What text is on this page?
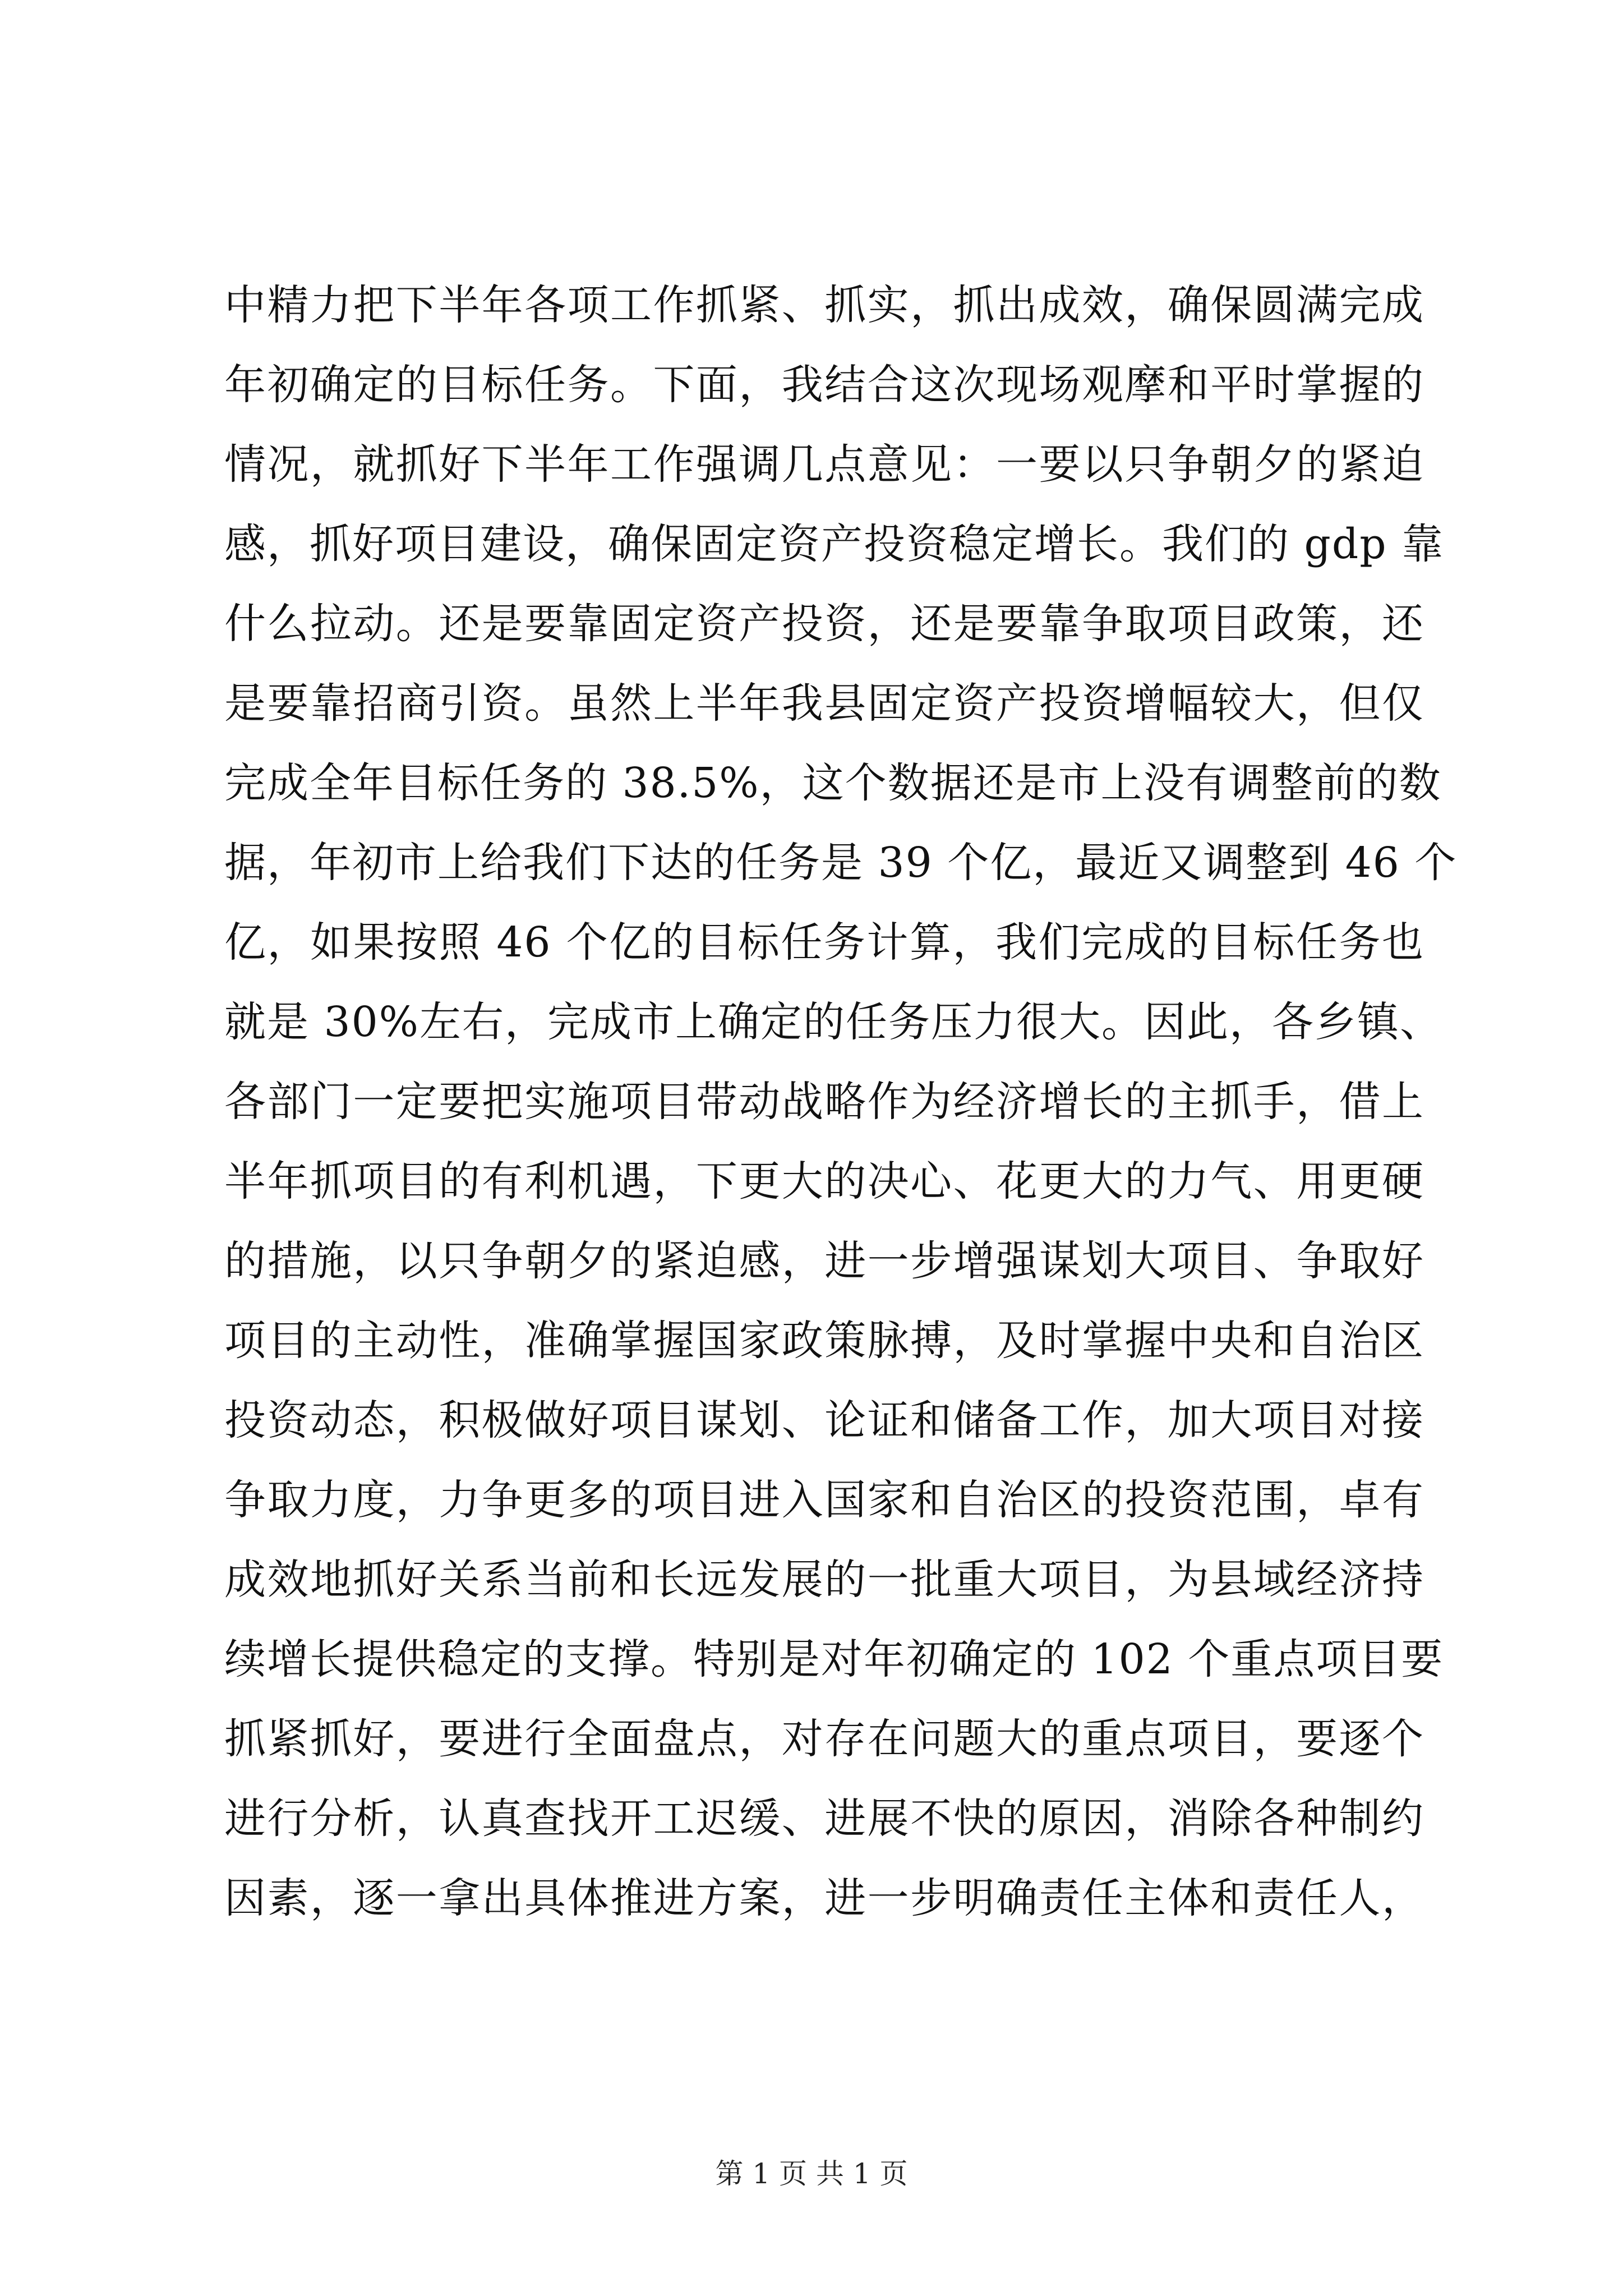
中精力把下半年各项工作抓紧、抓实，抓出成效，确保圆满完成
年初确定的目标任务。下面，我结合这次现场观摩和平时掌握的
情况，就抓好下半年工作强调几点意见：一要以只争朝夕的紧迫
感，抓好项目建设，确保固定资产投资稳定增长。我们的 gdp 靠
什么拉动。还是要靠固定资产投资，还是要靠争取项目政策，还
是要靠招商引资。虽然上半年我县固定资产投资增幅较大，但仅
完成全年目标任务的 38.5%，这个数据还是市上没有调整前的数
据，年初市上给我们下达的任务是 39 个亿，最近又调整到 46 个
亿，如果按照 46 个亿的目标任务计算，我们完成的目标任务也
就是 30%左右，完成市上确定的任务压力很大。因此，各乡镇、
各部门一定要把实施项目带动战略作为经济增长的主抓手，借上
半年抓项目的有利机遇，下更大的决心、花更大的力气、用更硬
的措施，以只争朝夕的紧迫感，进一步增强谋划大项目、争取好
项目的主动性，准确掌握国家政策脉搏，及时掌握中央和自治区
投资动态，积极做好项目谋划、论证和储备工作，加大项目对接
争取力度，力争更多的项目进入国家和自治区的投资范围，卓有
成效地抓好关系当前和长远发展的一批重大项目，为县域经济持
续增长提供稳定的支撑。特别是对年初确定的 102 个重点项目要
抓紧抓好，要进行全面盘点，对存在问题大的重点项目，要逐个
进行分析，认真查找开工迟缓、进展不快的原因，消除各种制约
因素，逐一拿出具体推进方案，进一步明确责任主体和责任人，
第 1 页 共 1 页
